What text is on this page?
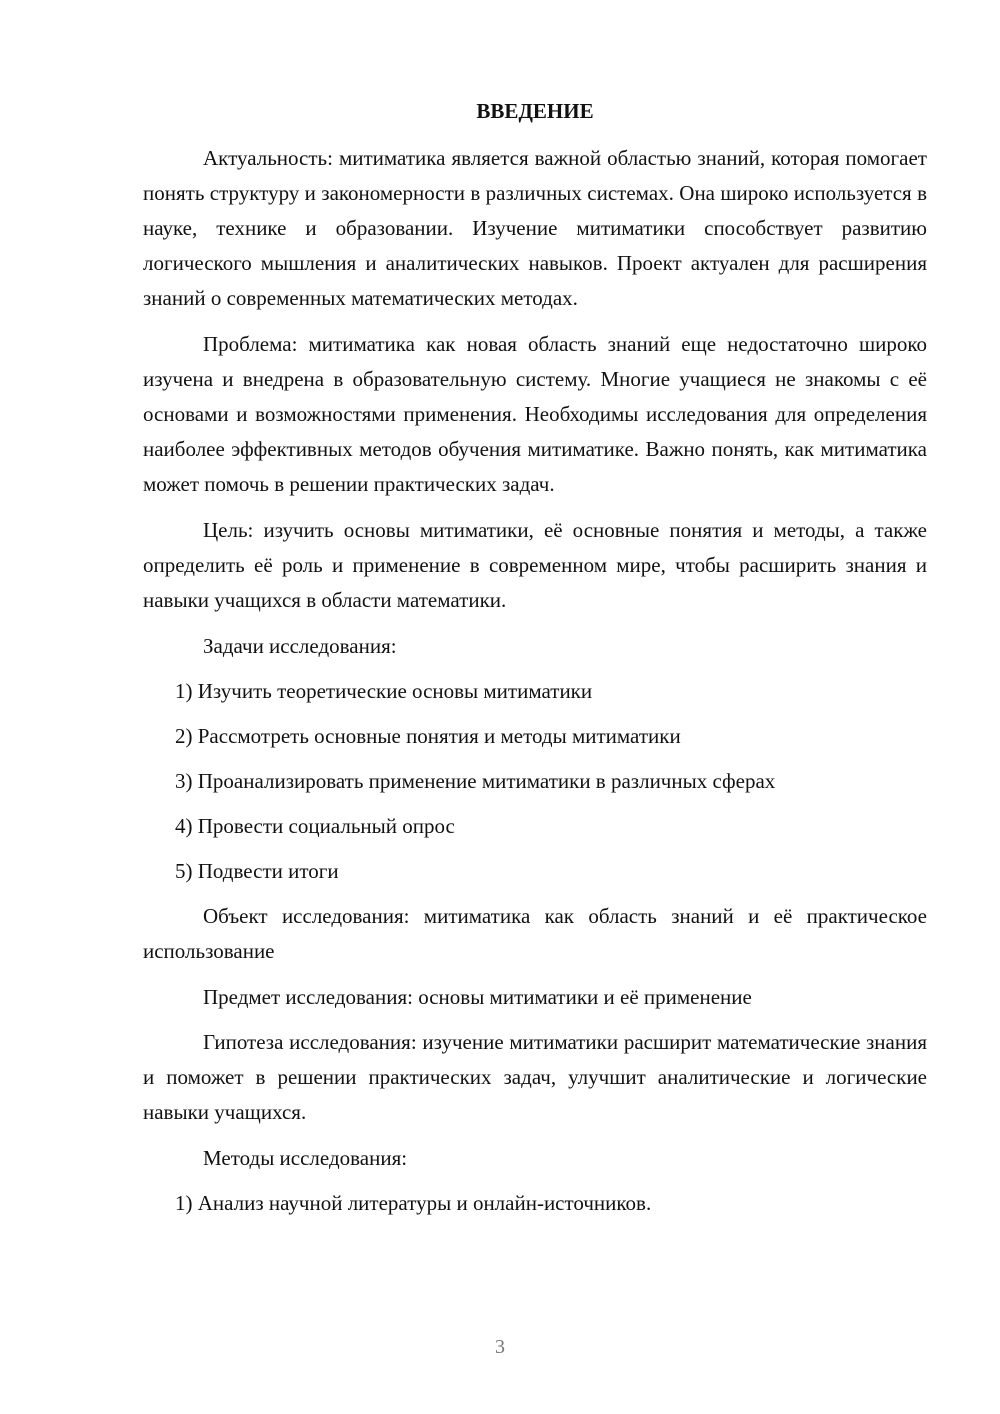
ВВЕДЕНИЕ

Актуальность: митиматика является важной областью знаний, которая помогает понять структуру и закономерности в различных системах. Она широко используется в науке, технике и образовании. Изучение митиматики способствует развитию логического мышления и аналитических навыков. Проект актуален для расширения знаний о современных математических методах.

Проблема: митиматика как новая область знаний еще недостаточно широко изучена и внедрена в образовательную систему. Многие учащиеся не знакомы с её основами и возможностями применения. Необходимы исследования для определения наиболее эффективных методов обучения митиматике. Важно понять, как митиматика может помочь в решении практических задач.

Цель: изучить основы митиматики, её основные понятия и методы, а также определить её роль и применение в современном мире, чтобы расширить знания и навыки учащихся в области математики.

Задачи исследования:
1) Изучить теоретические основы митиматики
2) Рассмотреть основные понятия и методы митиматики
3) Проанализировать применение митиматики в различных сферах
4) Провести социальный опрос
5) Подвести итоги

Объект исследования: митиматика как область знаний и её практическое использование

Предмет исследования: основы митиматики и её применение

Гипотеза исследования: изучение митиматики расширит математические знания и поможет в решении практических задач, улучшит аналитические и логические навыки учащихся.

Методы исследования:
1) Анализ научной литературы и онлайн-источников.
3
